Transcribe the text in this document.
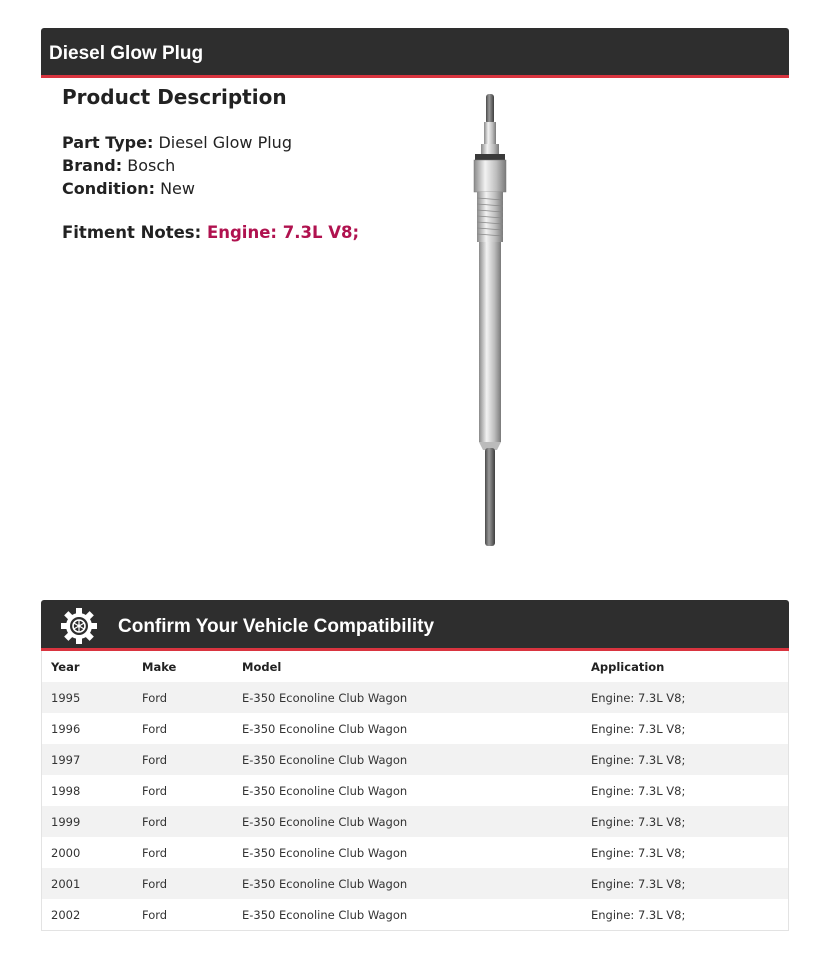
Diesel Glow Plug
Product Description
Part Type: Diesel Glow Plug
Brand: Bosch
Condition: New
Fitment Notes: Engine: 7.3L V8;
Confirm Your Vehicle Compatibility
Year	Make	Model	Application
1995	Ford	E-350 Econoline Club Wagon	Engine: 7.3L V8;
1996	Ford	E-350 Econoline Club Wagon	Engine: 7.3L V8;
1997	Ford	E-350 Econoline Club Wagon	Engine: 7.3L V8;
1998	Ford	E-350 Econoline Club Wagon	Engine: 7.3L V8;
1999	Ford	E-350 Econoline Club Wagon	Engine: 7.3L V8;
2000	Ford	E-350 Econoline Club Wagon	Engine: 7.3L V8;
2001	Ford	E-350 Econoline Club Wagon	Engine: 7.3L V8;
2002	Ford	E-350 Econoline Club Wagon	Engine: 7.3L V8;
